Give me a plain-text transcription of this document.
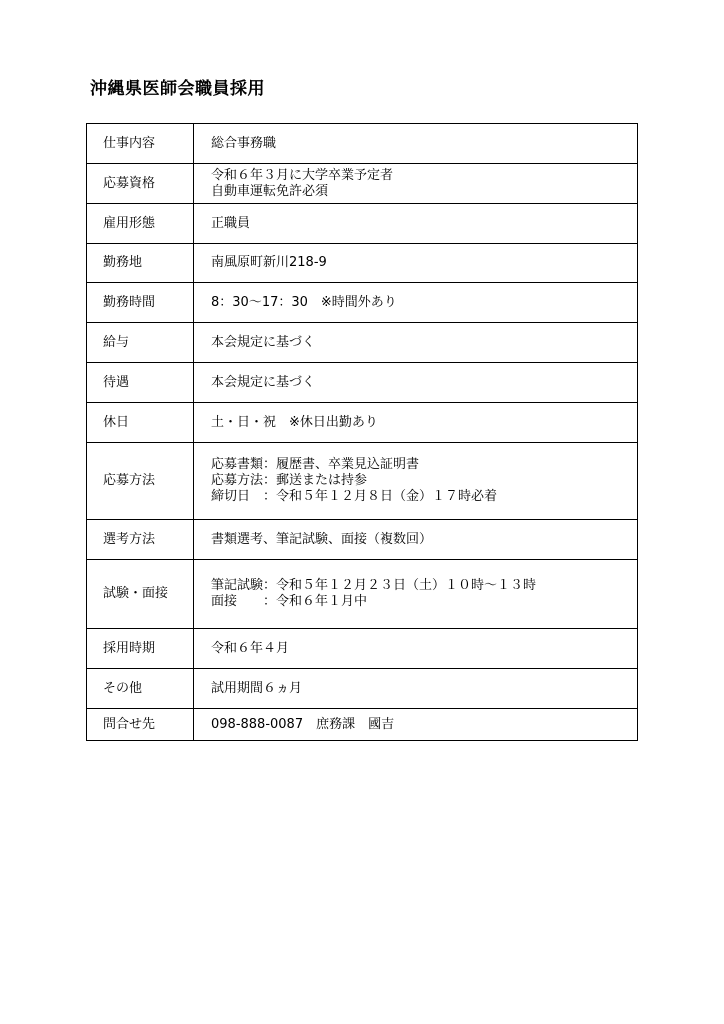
沖縄県医師会職員採用
仕事内容	総合事務職

応募資格	令和６年３月に大学卒業予定者
自動車運転免許必須

雇用形態	正職員

勤務地	南風原町新川218-9

勤務時間	8：30～17：30　※時間外あり

給与	本会規定に基づく

待遇	本会規定に基づく

休日	土・日・祝　※休日出勤あり

応募方法	応募書類：履歴書、卒業見込証明書
応募方法：郵送または持参
締切日　：令和５年１２月８日（金）１７時必着

選考方法	書類選考、筆記試験、面接（複数回）

試験・面接	筆記試験：令和５年１２月２３日（土）１０時～１３時
面接　　：令和６年１月中

採用時期	令和６年４月

その他	試用期間６ヵ月

問合せ先	098-888-0087　庶務課　國吉
